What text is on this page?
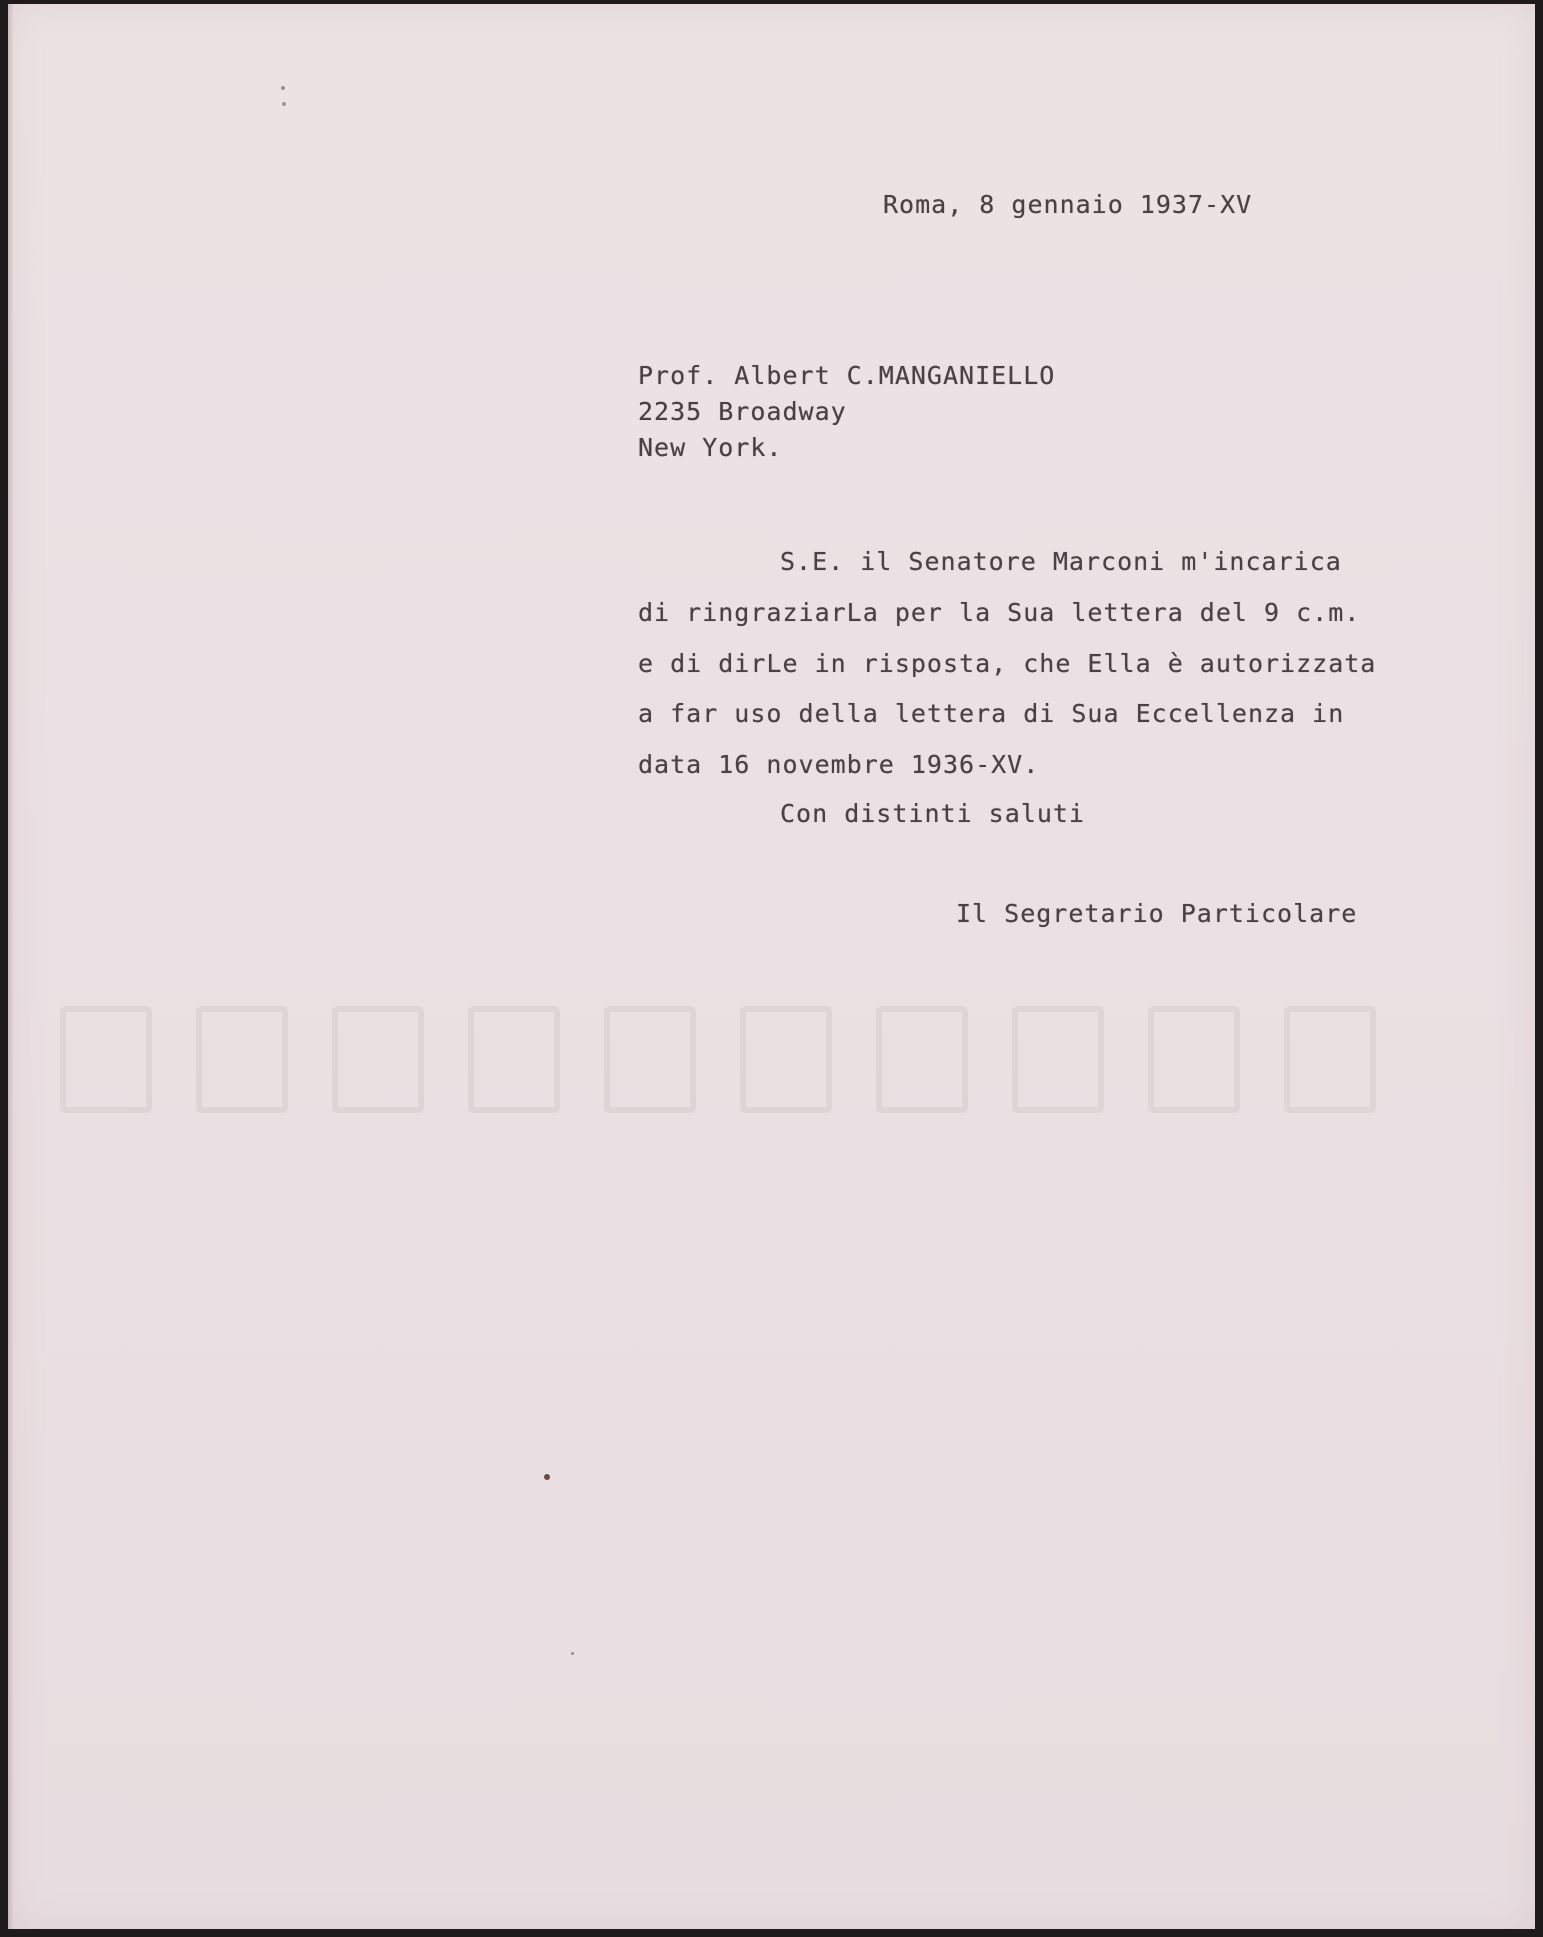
Roma, 8 gennaio 1937-XV
Prof. Albert C.MANGANIELLO
2235 Broadway
New York.
S.E. il Senatore Marconi m'incarica
di ringraziarLa per la Sua lettera del 9 c.m.
e di dirLe in risposta, che Ella è autorizzata
a far uso della lettera di Sua Eccellenza in
data 16 novembre 1936-XV.
Con distinti saluti
Il Segretario Particolare
